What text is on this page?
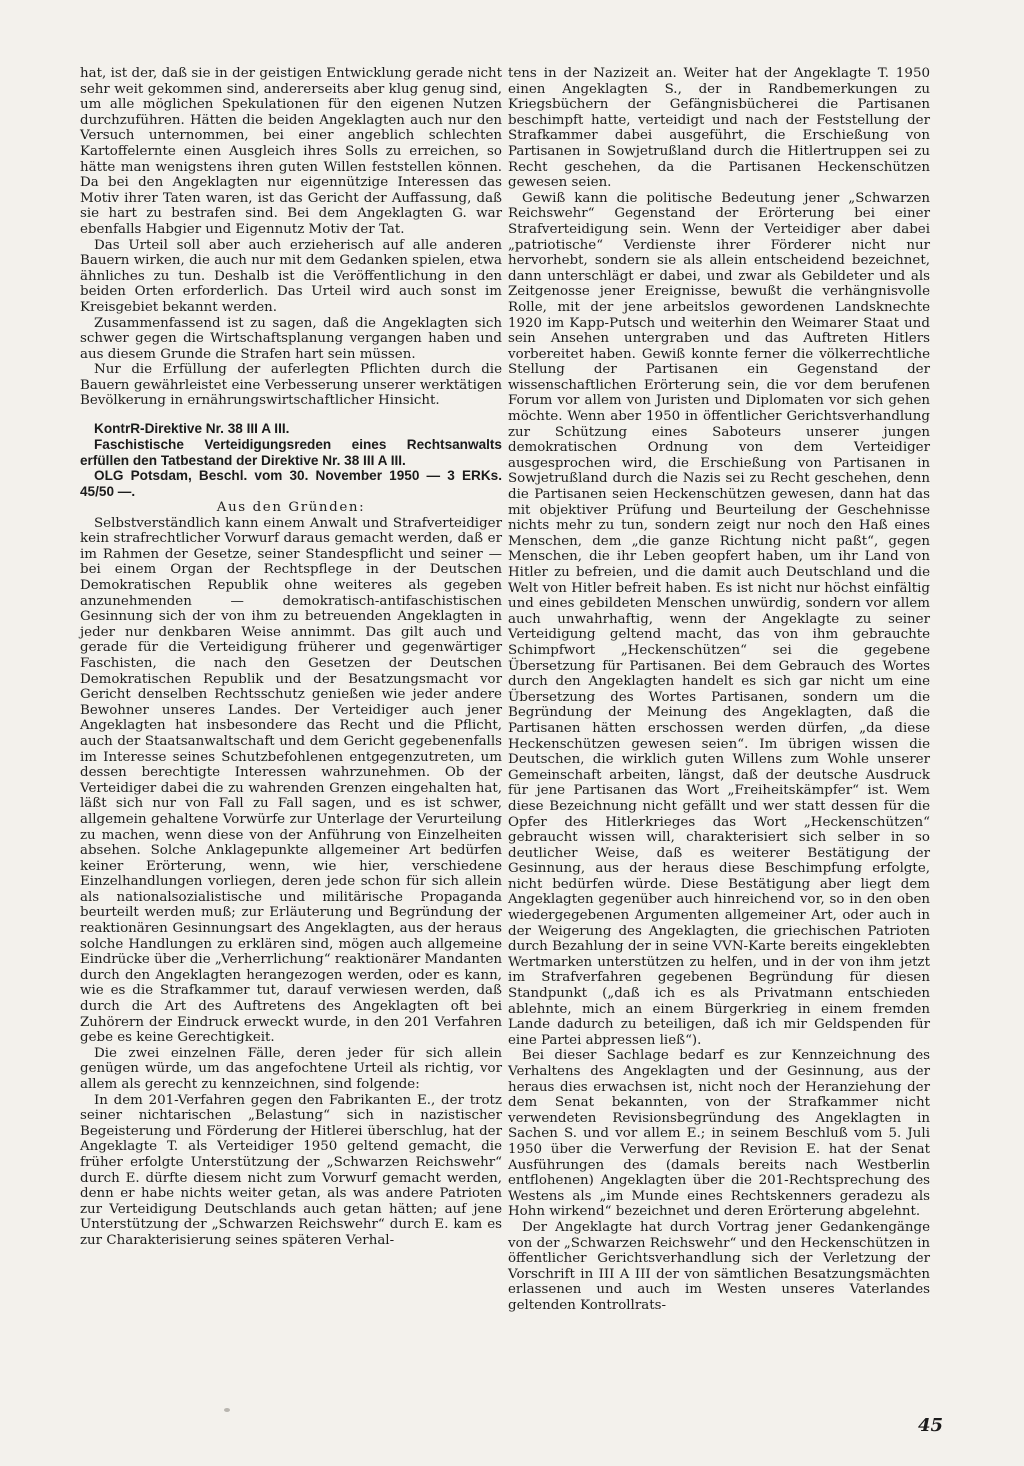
hat, ist der, daß sie in der geistigen Entwicklung gerade nicht sehr weit gekommen sind, andererseits aber klug genug sind, um alle möglichen Spekulationen für den eigenen Nutzen durchzuführen. Hätten die beiden Angeklagten auch nur den Versuch unternommen, bei einer angeblich schlechten Kartoffelernte einen Ausgleich ihres Solls zu erreichen, so hätte man wenigstens ihren guten Willen feststellen können. Da bei den Angeklagten nur eigennützige Interessen das Motiv ihrer Taten waren, ist das Gericht der Auffassung, daß sie hart zu bestrafen sind. Bei dem Angeklagten G. war ebenfalls Habgier und Eigennutz Motiv der Tat.

Das Urteil soll aber auch erzieherisch auf alle anderen Bauern wirken, die auch nur mit dem Gedanken spielen, etwa ähnliches zu tun. Deshalb ist die Veröffentlichung in den beiden Orten erforderlich. Das Urteil wird auch sonst im Kreisgebiet bekannt werden.

Zusammenfassend ist zu sagen, daß die Angeklagten sich schwer gegen die Wirtschaftsplanung vergangen haben und aus diesem Grunde die Strafen hart sein müssen.

Nur die Erfüllung der auferlegten Pflichten durch die Bauern gewährleistet eine Verbesserung unserer werktätigen Bevölkerung in ernährungswirtschaftlicher Hinsicht.

KontrR-Direktive Nr. 38 III A III.

Faschistische Verteidigungsreden eines Rechtsanwalts erfüllen den Tatbestand der Direktive Nr. 38 III A III.

OLG Potsdam, Beschl. vom 30. November 1950 — 3 ERKs. 45/50 —.

Aus den Gründen:

Selbstverständlich kann einem Anwalt und Strafverteidiger kein strafrechtlicher Vorwurf daraus gemacht werden, daß er im Rahmen der Gesetze, seiner Standespflicht und seiner — bei einem Organ der Rechtspflege in der Deutschen Demokratischen Republik ohne weiteres als gegeben anzunehmenden — demokratisch-antifaschistischen Gesinnung sich der von ihm zu betreuenden Angeklagten in jeder nur denkbaren Weise annimmt. Das gilt auch und gerade für die Verteidigung früherer und gegenwärtiger Faschisten, die nach den Gesetzen der Deutschen Demokratischen Republik und der Besatzungsmacht vor Gericht denselben Rechtsschutz genießen wie jeder andere Bewohner unseres Landes. Der Verteidiger auch jener Angeklagten hat insbesondere das Recht und die Pflicht, auch der Staatsanwaltschaft und dem Gericht gegebenenfalls im Interesse seines Schutzbefohlenen entgegenzutreten, um dessen berechtigte Interessen wahrzunehmen. Ob der Verteidiger dabei die zu wahrenden Grenzen eingehalten hat, läßt sich nur von Fall zu Fall sagen, und es ist schwer, allgemein gehaltene Vorwürfe zur Unterlage der Verurteilung zu machen, wenn diese von der Anführung von Einzelheiten absehen. Solche Anklagepunkte allgemeiner Art bedürfen keiner Erörterung, wenn, wie hier, verschiedene Einzelhandlungen vorliegen, deren jede schon für sich allein als nationalsozialistische und militärische Propaganda beurteilt werden muß; zur Erläuterung und Begründung der reaktionären Gesinnungsart des Angeklagten, aus der heraus solche Handlungen zu erklären sind, mögen auch allgemeine Eindrücke über die „Verherrlichung“ reaktionärer Mandanten durch den Angeklagten herangezogen werden, oder es kann, wie es die Strafkammer tut, darauf verwiesen werden, daß durch die Art des Auftretens des Angeklagten oft bei Zuhörern der Eindruck erweckt wurde, in den 201 Verfahren gebe es keine Gerechtigkeit.

Die zwei einzelnen Fälle, deren jeder für sich allein genügen würde, um das angefochtene Urteil als richtig, vor allem als gerecht zu kennzeichnen, sind folgende:

In dem 201-Verfahren gegen den Fabrikanten E., der trotz seiner nichtarischen „Belastung“ sich in nazistischer Begeisterung und Förderung der Hitlerei überschlug, hat der Angeklagte T. als Verteidiger 1950 geltend gemacht, die früher erfolgte Unterstützung der „Schwarzen Reichswehr“ durch E. dürfte diesem nicht zum Vorwurf gemacht werden, denn er habe nichts weiter getan, als was andere Patrioten zur Verteidigung Deutschlands auch getan hätten; auf jene Unterstützung der „Schwarzen Reichswehr“ durch E. kam es zur Charakterisierung seines späteren Verhal-

tens in der Nazizeit an. Weiter hat der Angeklagte T. 1950 einen Angeklagten S., der in Randbemerkungen zu Kriegsbüchern der Gefängnisbücherei die Partisanen beschimpft hatte, verteidigt und nach der Feststellung der Strafkammer dabei ausgeführt, die Erschießung von Partisanen in Sowjetrußland durch die Hitlertruppen sei zu Recht geschehen, da die Partisanen Heckenschützen gewesen seien.

Gewiß kann die politische Bedeutung jener „Schwarzen Reichswehr“ Gegenstand der Erörterung bei einer Strafverteidigung sein. Wenn der Verteidiger aber dabei „patriotische“ Verdienste ihrer Förderer nicht nur hervorhebt, sondern sie als allein entscheidend bezeichnet, dann unterschlägt er dabei, und zwar als Gebildeter und als Zeitgenosse jener Ereignisse, bewußt die verhängnisvolle Rolle, mit der jene arbeitslos gewordenen Landsknechte 1920 im Kapp-Putsch und weiterhin den Weimarer Staat und sein Ansehen untergraben und das Auftreten Hitlers vorbereitet haben. Gewiß konnte ferner die völkerrechtliche Stellung der Partisanen ein Gegenstand der wissenschaftlichen Erörterung sein, die vor dem berufenen Forum vor allem von Juristen und Diplomaten vor sich gehen möchte. Wenn aber 1950 in öffentlicher Gerichtsverhandlung zur Schützung eines Saboteurs unserer jungen demokratischen Ordnung von dem Verteidiger ausgesprochen wird, die Erschießung von Partisanen in Sowjetrußland durch die Nazis sei zu Recht geschehen, denn die Partisanen seien Heckenschützen gewesen, dann hat das mit objektiver Prüfung und Beurteilung der Geschehnisse nichts mehr zu tun, sondern zeigt nur noch den Haß eines Menschen, dem „die ganze Richtung nicht paßt“, gegen Menschen, die ihr Leben geopfert haben, um ihr Land von Hitler zu befreien, und die damit auch Deutschland und die Welt von Hitler befreit haben. Es ist nicht nur höchst einfältig und eines gebildeten Menschen unwürdig, sondern vor allem auch unwahrhaftig, wenn der Angeklagte zu seiner Verteidigung geltend macht, das von ihm gebrauchte Schimpfwort „Heckenschützen“ sei die gegebene Übersetzung für Partisanen. Bei dem Gebrauch des Wortes durch den Angeklagten handelt es sich gar nicht um eine Übersetzung des Wortes Partisanen, sondern um die Begründung der Meinung des Angeklagten, daß die Partisanen hätten erschossen werden dürfen, „da diese Heckenschützen gewesen seien“. Im übrigen wissen die Deutschen, die wirklich guten Willens zum Wohle unserer Gemeinschaft arbeiten, längst, daß der deutsche Ausdruck für jene Partisanen das Wort „Freiheitskämpfer“ ist. Wem diese Bezeichnung nicht gefällt und wer statt dessen für die Opfer des Hitlerkrieges das Wort „Heckenschützen“ gebraucht wissen will, charakterisiert sich selber in so deutlicher Weise, daß es weiterer Bestätigung der Gesinnung, aus der heraus diese Beschimpfung erfolgte, nicht bedürfen würde. Diese Bestätigung aber liegt dem Angeklagten gegenüber auch hinreichend vor, so in den oben wiedergegebenen Argumenten allgemeiner Art, oder auch in der Weigerung des Angeklagten, die griechischen Patrioten durch Bezahlung der in seine VVN-Karte bereits eingeklebten Wertmarken unterstützen zu helfen, und in der von ihm jetzt im Strafverfahren gegebenen Begründung für diesen Standpunkt („daß ich es als Privatmann entschieden ablehnte, mich an einem Bürgerkrieg in einem fremden Lande dadurch zu beteiligen, daß ich mir Geldspenden für eine Partei abpressen ließ“).

Bei dieser Sachlage bedarf es zur Kennzeichnung des Verhaltens des Angeklagten und der Gesinnung, aus der heraus dies erwachsen ist, nicht noch der Heranziehung der dem Senat bekannten, von der Strafkammer nicht verwendeten Revisionsbegründung des Angeklagten in Sachen S. und vor allem E.; in seinem Beschluß vom 5. Juli 1950 über die Verwerfung der Revision E. hat der Senat Ausführungen des (damals bereits nach Westberlin entflohenen) Angeklagten über die 201-Rechtsprechung des Westens als „im Munde eines Rechtskenners geradezu als Hohn wirkend“ bezeichnet und deren Erörterung abgelehnt.

Der Angeklagte hat durch Vortrag jener Gedankengänge von der „Schwarzen Reichswehr“ und den Heckenschützen in öffentlicher Gerichtsverhandlung sich der Verletzung der Vorschrift in III A III der von sämtlichen Besatzungsmächten erlassenen und auch im Westen unseres Vaterlandes geltenden Kontrollrats-

45
